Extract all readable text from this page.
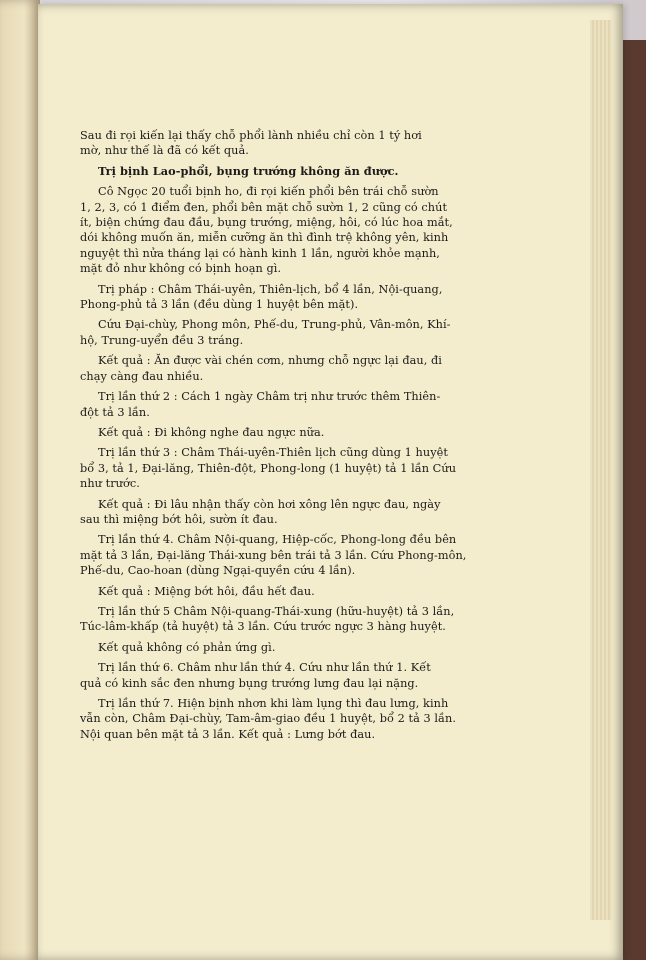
Sau đi rọi kiến lại thấy chỗ phổi lành nhiều chỉ còn 1 tý hơi

mờ, như thế là đã có kết quả.

Trị bịnh Lao-phổi, bụng trướng không ăn được.

Cô Ngọc 20 tuổi bịnh ho, đi rọi kiến phổi bên trái chỗ sườn

1, 2, 3, có 1 điểm đen, phổi bên mặt chỗ sườn 1, 2 cũng có chút

ít, biện chứng đau đầu, bụng trướng, miệng, hôi, có lúc hoa mắt,

dói không muốn ăn, miễn cưỡng ăn thì đình trệ không yên, kinh

nguyệt thì nửa tháng lại có hành kinh 1 lần, người khỏe mạnh,

mặt đỏ như không có bịnh hoạn gì.

Trị pháp : Châm Thái-uyên, Thiên-lịch, bổ 4 lần, Nội-quang,

Phong-phủ tả 3 lần (đều dùng 1 huyệt bên mặt).

Cứu Đại-chùy, Phong môn, Phế-du, Trung-phủ, Vân-môn, Khí-

hộ, Trung-uyển đều 3 tráng.

Kết quả : Ăn được vài chén cơm, nhưng chỗ ngực lại đau, đi

chạy càng đau nhiều.

Trị lần thứ 2 : Cách 1 ngày Châm trị như trước thêm Thiên-

đột tả 3 lần.

Kết quả : Đi không nghe đau ngực nữa.

Trị lần thứ 3 : Châm Thái-uyên-Thiên lịch cũng dùng 1 huyệt

bổ 3, tả 1, Đại-lăng, Thiên-đột, Phong-long (1 huyệt) tả 1 lần Cứu

như trước.

Kết quả : Đi lâu nhận thấy còn hơi xông lên ngực đau, ngày

sau thì miệng bớt hôi, sườn ít đau.

Trị lần thứ 4. Châm Nội-quang, Hiệp-cốc, Phong-long đều bên

mặt tả 3 lần, Đại-lăng Thái-xung bên trái tả 3 lần. Cứu Phong-môn,

Phế-du, Cao-hoan (dùng Ngại-quyền cứu 4 lần).

Kết quả : Miệng bớt hôi, đầu hết đau.

Trị lần thứ 5 Châm Nội-quang-Thái-xung (hữu-huyệt) tả 3 lần,

Túc-lâm-khấp (tả huyệt) tả 3 lần. Cứu trước ngực 3 hàng huyệt.

Kết quả không có phản ứng gì.

Trị lần thứ 6. Châm như lần thứ 4. Cứu như lần thứ 1. Kết

quả có kinh sắc đen nhưng bụng trướng lưng đau lại nặng.

Trị lần thứ 7. Hiện bịnh nhơn khi làm lụng thì đau lưng, kinh

vẫn còn, Châm Đại-chùy, Tam-âm-giao đều 1 huyệt, bổ 2 tả 3 lần.

Nội quan bên mặt tả 3 lần. Kết quả : Lưng bớt đau.
